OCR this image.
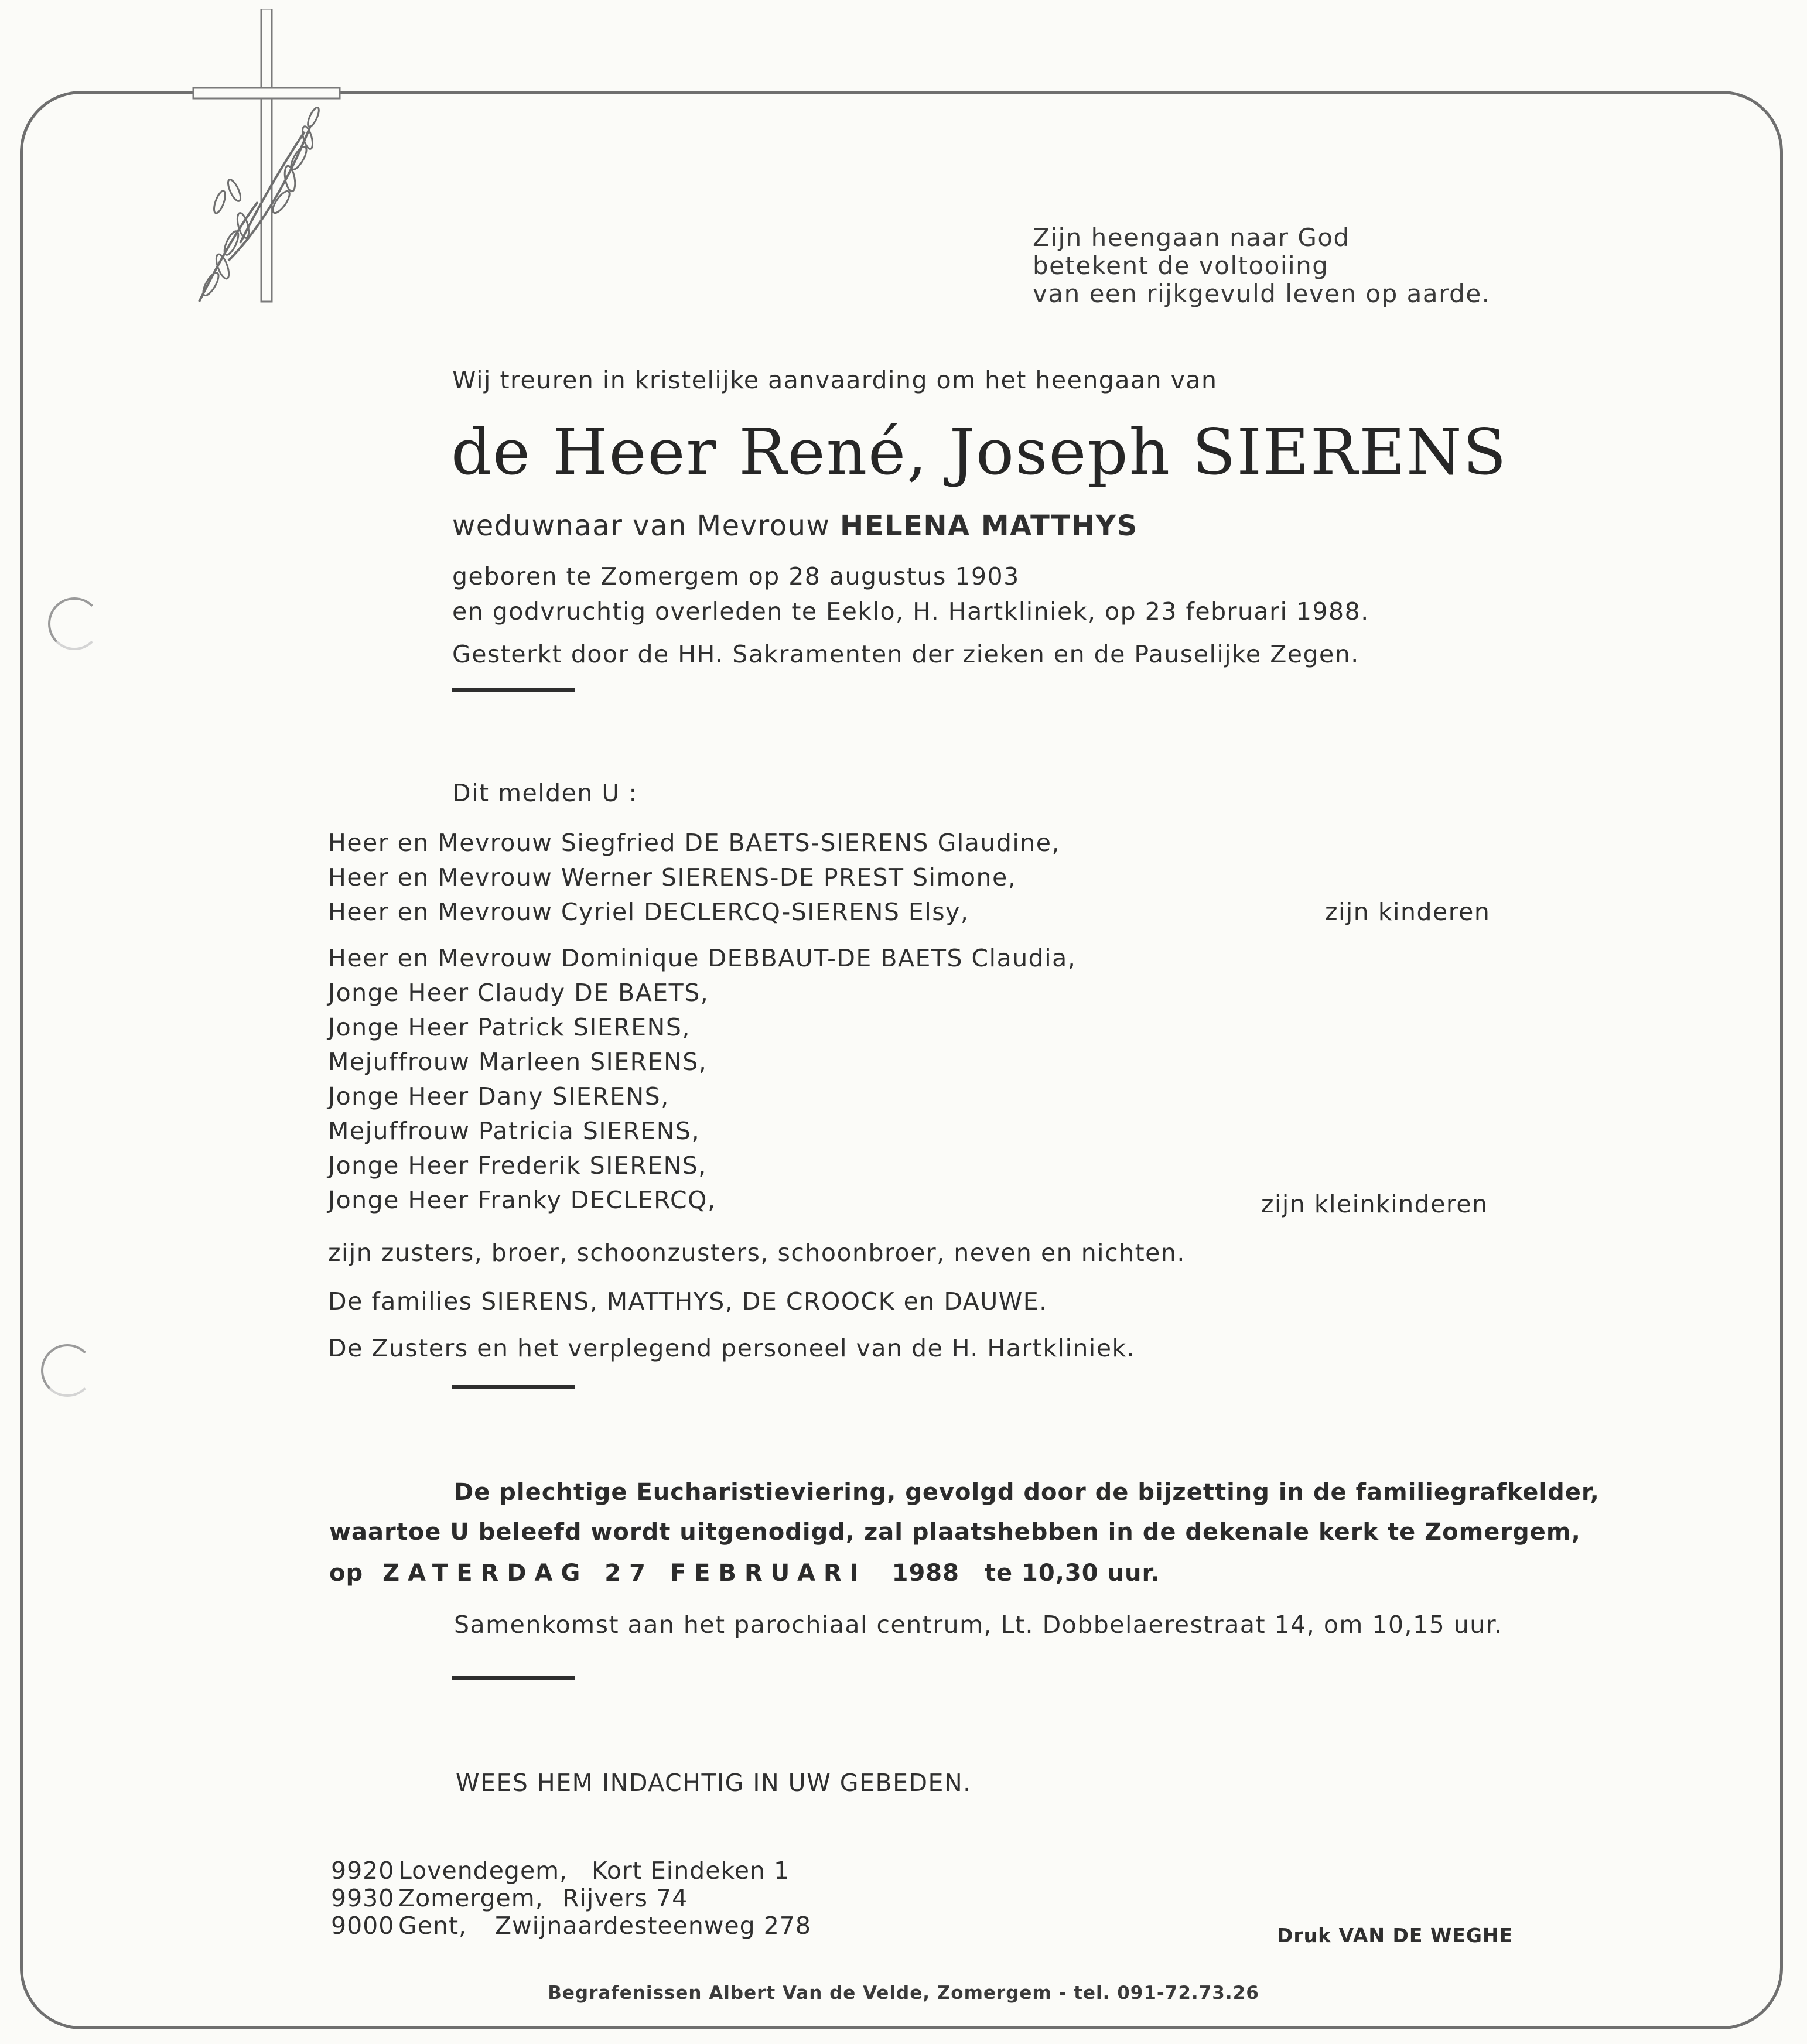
Zijn heengaan naar God
betekent de voltooiing
van een rijkgevuld leven op aarde.
Wij treuren in kristelijke aanvaarding om het heengaan van
de Heer René, Joseph SIERENS
weduwnaar van Mevrouw HELENA MATTHYS
geboren te Zomergem op 28 augustus 1903
en godvruchtig overleden te Eeklo, H. Hartkliniek, op 23 februari 1988.
Gesterkt door de HH. Sakramenten der zieken en de Pauselijke Zegen.
Dit melden U :
Heer en Mevrouw Siegfried DE BAETS-SIERENS Glaudine,
Heer en Mevrouw Werner SIERENS-DE PREST Simone,
Heer en Mevrouw Cyriel DECLERCQ-SIERENS Elsy,	zijn kinderen
Heer en Mevrouw Dominique DEBBAUT-DE BAETS Claudia,
Jonge Heer Claudy DE BAETS,
Jonge Heer Patrick SIERENS,
Mejuffrouw Marleen SIERENS,
Jonge Heer Dany SIERENS,
Mejuffrouw Patricia SIERENS,
Jonge Heer Frederik SIERENS,
Jonge Heer Franky DECLERCQ,	zijn kleinkinderen
zijn zusters, broer, schoonzusters, schoonbroer, neven en nichten.
De families SIERENS, MATTHYS, DE CROOCK en DAUWE.
De Zusters en het verplegend personeel van de H. Hartkliniek.
De plechtige Eucharistieviering, gevolgd door de bijzetting in de familiegrafkelder,
waartoe U beleefd wordt uitgenodigd, zal plaatshebben in de dekenale kerk te Zomergem,
op ZATERDAG 27 FEBRUARI 1988 te 10,30 uur.
Samenkomst aan het parochiaal centrum, Lt. Dobbelaerestraat 14, om 10,15 uur.
WEES HEM INDACHTIG IN UW GEBEDEN.
9920 Lovendegem, Kort Eindeken 1
9930 Zomergem, Rijvers 74
9000 Gent, Zwijnaardesteenweg 278	Druk VAN DE WEGHE
Begrafenissen Albert Van de Velde, Zomergem - tel. 091-72.73.26
